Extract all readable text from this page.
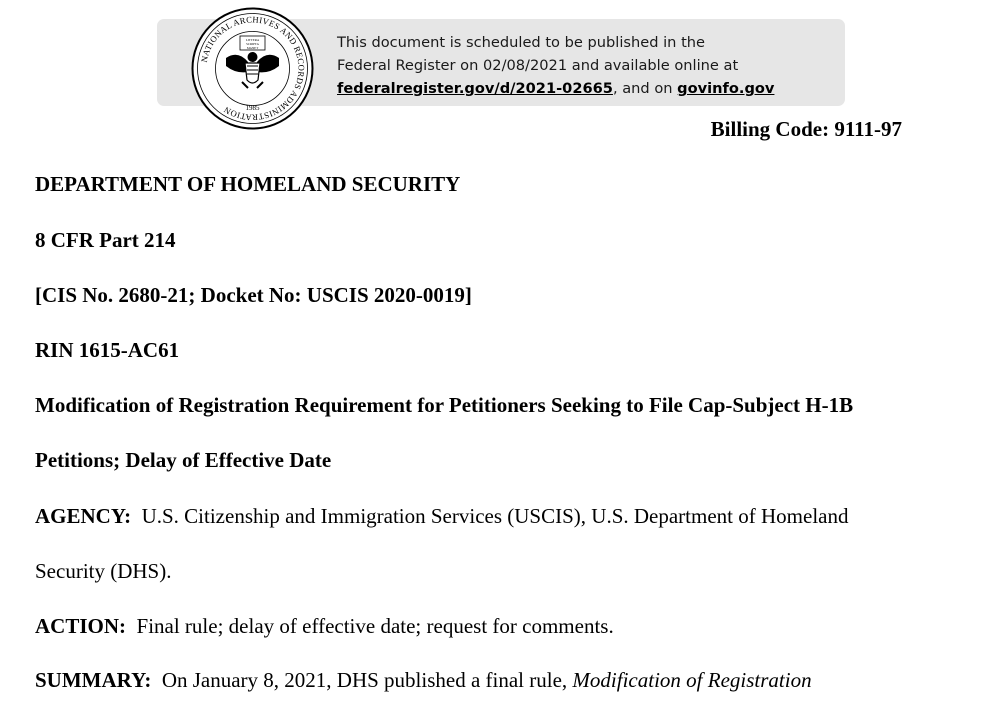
NATIONAL ARCHIVES AND RECORDS ADMINISTRATION
LITTERA
SCRIPTA
MANET
1985
This document is scheduled to be published in the
Federal Register on 02/08/2021 and available online at
federalregister.gov/d/2021-02665, and on govinfo.gov
Billing Code: 9111-97
DEPARTMENT OF HOMELAND SECURITY
8 CFR Part 214
[CIS No. 2680-21; Docket No: USCIS 2020-0019]
RIN 1615-AC61
Modification of Registration Requirement for Petitioners Seeking to File Cap-Subject H-1B
Petitions; Delay of Effective Date
AGENCY: U.S. Citizenship and Immigration Services (USCIS), U.S. Department of Homeland
Security (DHS).
ACTION: Final rule; delay of effective date; request for comments.
SUMMARY: On January 8, 2021, DHS published a final rule, Modification of Registration
